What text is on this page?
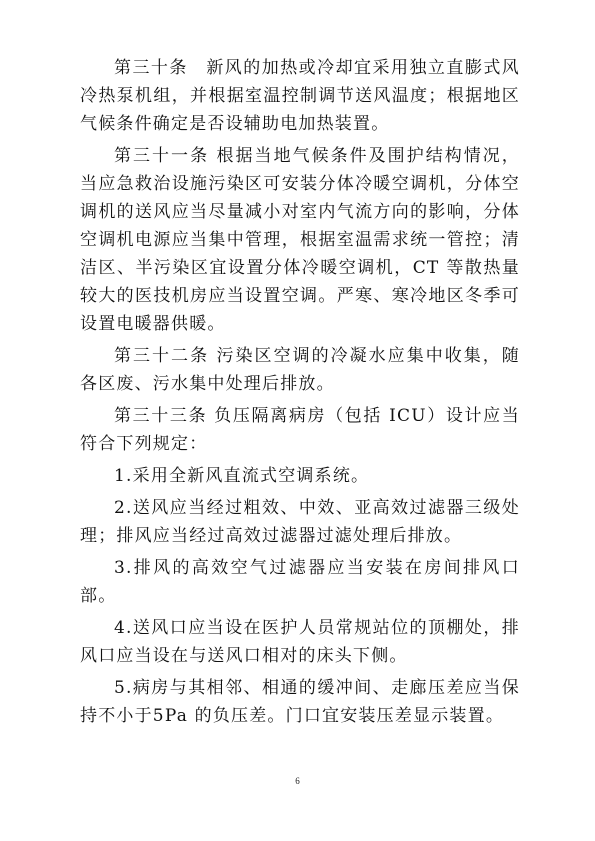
第三十条　新风的加热或冷却宜采用独立直膨式风冷热泵机组，并根据室温控制调节送风温度；根据地区气候条件确定是否设辅助电加热装置。

第三十一条 根据当地气候条件及围护结构情况，当应急救治设施污染区可安装分体冷暖空调机，分体空调机的送风应当尽量减小对室内气流方向的影响，分体空调机电源应当集中管理，根据室温需求统一管控；清洁区、半污染区宜设置分体冷暖空调机，CT 等散热量较大的医技机房应当设置空调。严寒、寒冷地区冬季可设置电暖器供暖。

第三十二条 污染区空调的冷凝水应集中收集，随各区废、污水集中处理后排放。

第三十三条 负压隔离病房（包括 ICU）设计应当符合下列规定：

1.采用全新风直流式空调系统。

2.送风应当经过粗效、中效、亚高效过滤器三级处理；排风应当经过高效过滤器过滤处理后排放。

3.排风的高效空气过滤器应当安装在房间排风口部。

4.送风口应当设在医护人员常规站位的顶棚处，排风口应当设在与送风口相对的床头下侧。

5.病房与其相邻、相通的缓冲间、走廊压差应当保持不小于5Pa 的负压差。门口宜安装压差显示装置。

6
